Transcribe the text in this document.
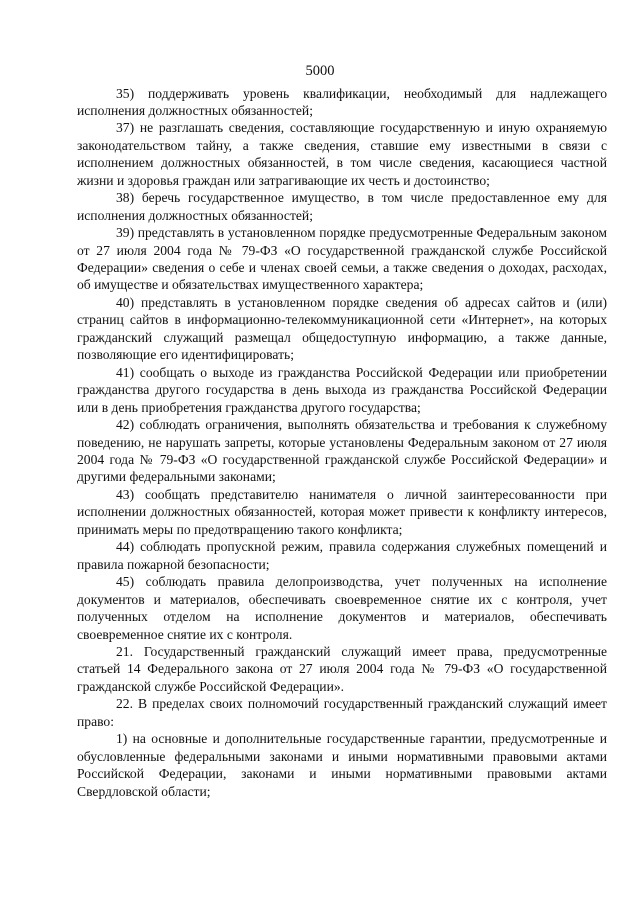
5000

35) поддерживать уровень квалификации, необходимый для надлежащего исполнения должностных обязанностей;

37) не разглашать сведения, составляющие государственную и иную охраняемую законодательством тайну, а также сведения, ставшие ему известными в связи с исполнением должностных обязанностей, в том числе сведения, касающиеся частной жизни и здоровья граждан или затрагивающие их честь и достоинство;

38) беречь государственное имущество, в том числе предоставленное ему для исполнения должностных обязанностей;

39) представлять в установленном порядке предусмотренные Федеральным законом от 27 июля 2004 года № 79-ФЗ «О государственной гражданской службе Российской Федерации» сведения о себе и членах своей семьи, а также сведения о доходах, расходах, об имуществе и обязательствах имущественного характера;

40) представлять в установленном порядке сведения об адресах сайтов и (или) страниц сайтов в информационно-телекоммуникационной сети «Интернет», на которых гражданский служащий размещал общедоступную информацию, а также данные, позволяющие его идентифицировать;

41) сообщать о выходе из гражданства Российской Федерации или приобретении гражданства другого государства в день выхода из гражданства Российской Федерации или в день приобретения гражданства другого государства;

42) соблюдать ограничения, выполнять обязательства и требования к служебному поведению, не нарушать запреты, которые установлены Федеральным законом от 27 июля 2004 года № 79-ФЗ «О государственной гражданской службе Российской Федерации» и другими федеральными законами;

43) сообщать представителю нанимателя о личной заинтересованности при исполнении должностных обязанностей, которая может привести к конфликту интересов, принимать меры по предотвращению такого конфликта;

44) соблюдать пропускной режим, правила содержания служебных помещений и правила пожарной безопасности;

45) соблюдать правила делопроизводства, учет полученных на исполнение документов и материалов, обеспечивать своевременное снятие их с контроля, учет полученных отделом на исполнение документов и материалов, обеспечивать своевременное снятие их с контроля.

21. Государственный гражданский служащий имеет права, предусмотренные статьей 14 Федерального закона от 27 июля 2004 года № 79-ФЗ «О государственной гражданской службе Российской Федерации».

22. В пределах своих полномочий государственный гражданский служащий имеет право:

1) на основные и дополнительные государственные гарантии, предусмотренные и обусловленные федеральными законами и иными нормативными правовыми актами Российской Федерации, законами и иными нормативными правовыми актами Свердловской области;
